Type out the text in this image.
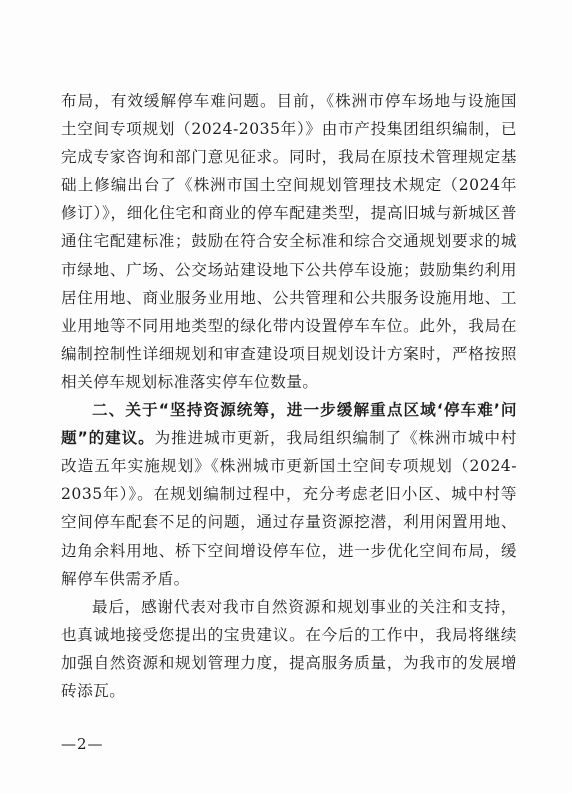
布局，有效缓解停车难问题。目前，《株洲市停车场地与设施国土空间专项规划（2024-2035年）》由市产投集团组织编制，已完成专家咨询和部门意见征求。同时，我局在原技术管理规定基础上修编出台了《株洲市国土空间规划管理技术规定（2024年修订）》，细化住宅和商业的停车配建类型，提高旧城与新城区普通住宅配建标准；鼓励在符合安全标准和综合交通规划要求的城市绿地、广场、公交场站建设地下公共停车设施；鼓励集约利用居住用地、商业服务业用地、公共管理和公共服务设施用地、工业用地等不同用地类型的绿化带内设置停车车位。此外，我局在编制控制性详细规划和审查建设项目规划设计方案时，严格按照相关停车规划标准落实停车位数量。

二、关于“坚持资源统筹，进一步缓解重点区域‘停车难’问题”的建议。为推进城市更新，我局组织编制了《株洲市城中村改造五年实施规划》《株洲城市更新国土空间专项规划（2024-2035年）》。在规划编制过程中，充分考虑老旧小区、城中村等空间停车配套不足的问题，通过存量资源挖潜，利用闲置用地、边角余料用地、桥下空间增设停车位，进一步优化空间布局，缓解停车供需矛盾。

最后，感谢代表对我市自然资源和规划事业的关注和支持，也真诚地接受您提出的宝贵建议。在今后的工作中，我局将继续加强自然资源和规划管理力度，提高服务质量，为我市的发展增砖添瓦。

—2—
